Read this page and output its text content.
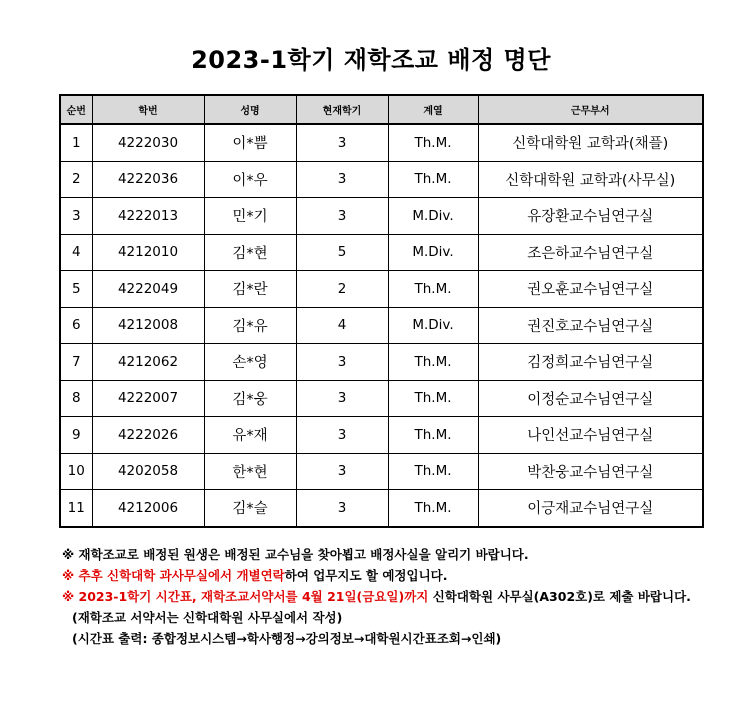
2023-1학기 재학조교 배정 명단
순번	학번	성명	현재학기	계열	근무부서
1	4222030	이*쁨	3	Th.M.	신학대학원 교학과(채플)
2	4222036	이*우	3	Th.M.	신학대학원 교학과(사무실)
3	4222013	민*기	3	M.Div.	유장환교수님연구실
4	4212010	김*현	5	M.Div.	조은하교수님연구실
5	4222049	김*란	2	Th.M.	권오훈교수님연구실
6	4212008	김*유	4	M.Div.	권진호교수님연구실
7	4212062	손*영	3	Th.M.	김정희교수님연구실
8	4222007	김*웅	3	Th.M.	이정순교수님연구실
9	4222026	유*재	3	Th.M.	나인선교수님연구실
10	4202058	한*현	3	Th.M.	박찬웅교수님연구실
11	4212006	김*슬	3	Th.M.	이긍재교수님연구실
※ 재학조교로 배정된 원생은 배정된 교수님을 찾아뵙고 배정사실을 알리기 바랍니다.
※ 추후 신학대학 과사무실에서 개별연락하여 업무지도 할 예정입니다.
※ 2023-1학기 시간표, 재학조교서약서를 4월 21일(금요일)까지 신학대학원 사무실(A302호)로 제출 바랍니다.
(재학조교 서약서는 신학대학원 사무실에서 작성)
(시간표 출력: 종합정보시스템→학사행정→강의정보→대학원시간표조회→인쇄)
